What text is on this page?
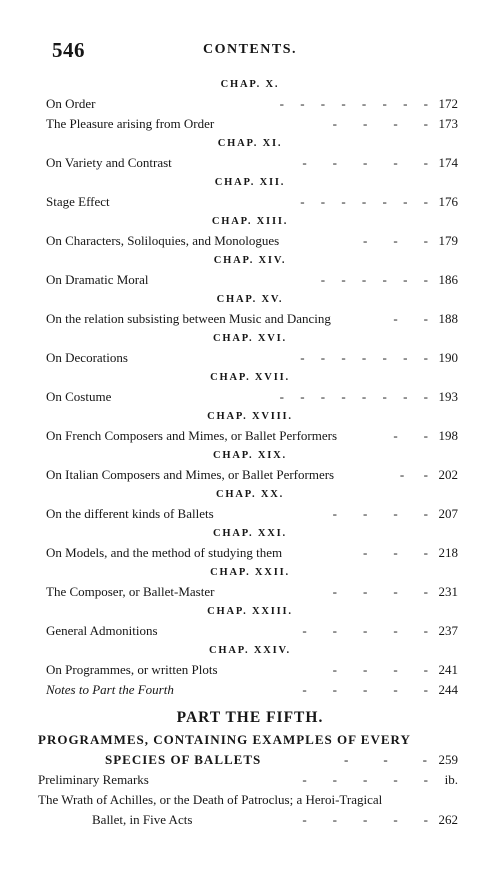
546	CONTENTS.
CHAP. X.
On Order	-     -     -     -     -     -     -     - 172
The Pleasure arising from Order	-        -        -        - 173
CHAP. XI.
On Variety and Contrast	-        -        -        -        - 174
CHAP. XII.
Stage Effect	-     -     -     -     -     -     - 176
CHAP. XIII.
On Characters, Soliloquies, and Monologues	-        -        - 179
CHAP. XIV.
On Dramatic Moral	-     -     -     -     -     - 186
CHAP. XV.
On the relation subsisting between Music and Dancing	-        - 188
CHAP. XVI.
On Decorations	-     -     -     -     -     -     - 190
CHAP. XVII.
On Costume	-     -     -     -     -     -     -     - 193
CHAP. XVIII.
On French Composers and Mimes, or Ballet Performers	-        - 198
CHAP. XIX.
On Italian Composers and Mimes, or Ballet Performers	-      - 202
CHAP. XX.
On the different kinds of Ballets	-        -        -        - 207
CHAP. XXI.
On Models, and the method of studying them	-        -        - 218
CHAP. XXII.
The Composer, or Ballet-Master	-        -        -        - 231
CHAP. XXIII.
General Admonitions	-        -        -        -        - 237
CHAP. XXIV.
On Programmes, or written Plots	-        -        -        - 241
Notes to Part the Fourth	-        -        -        -        - 244
PART THE FIFTH.
PROGRAMMES, CONTAINING EXAMPLES OF EVERY
SPECIES OF BALLETS	-        -        - 259
Preliminary Remarks	-        -        -        -        - ib.
The Wrath of Achilles, or the Death of Patroclus; a Heroi-Tragical
Ballet, in Five Acts	-        -        -        -        - 262
